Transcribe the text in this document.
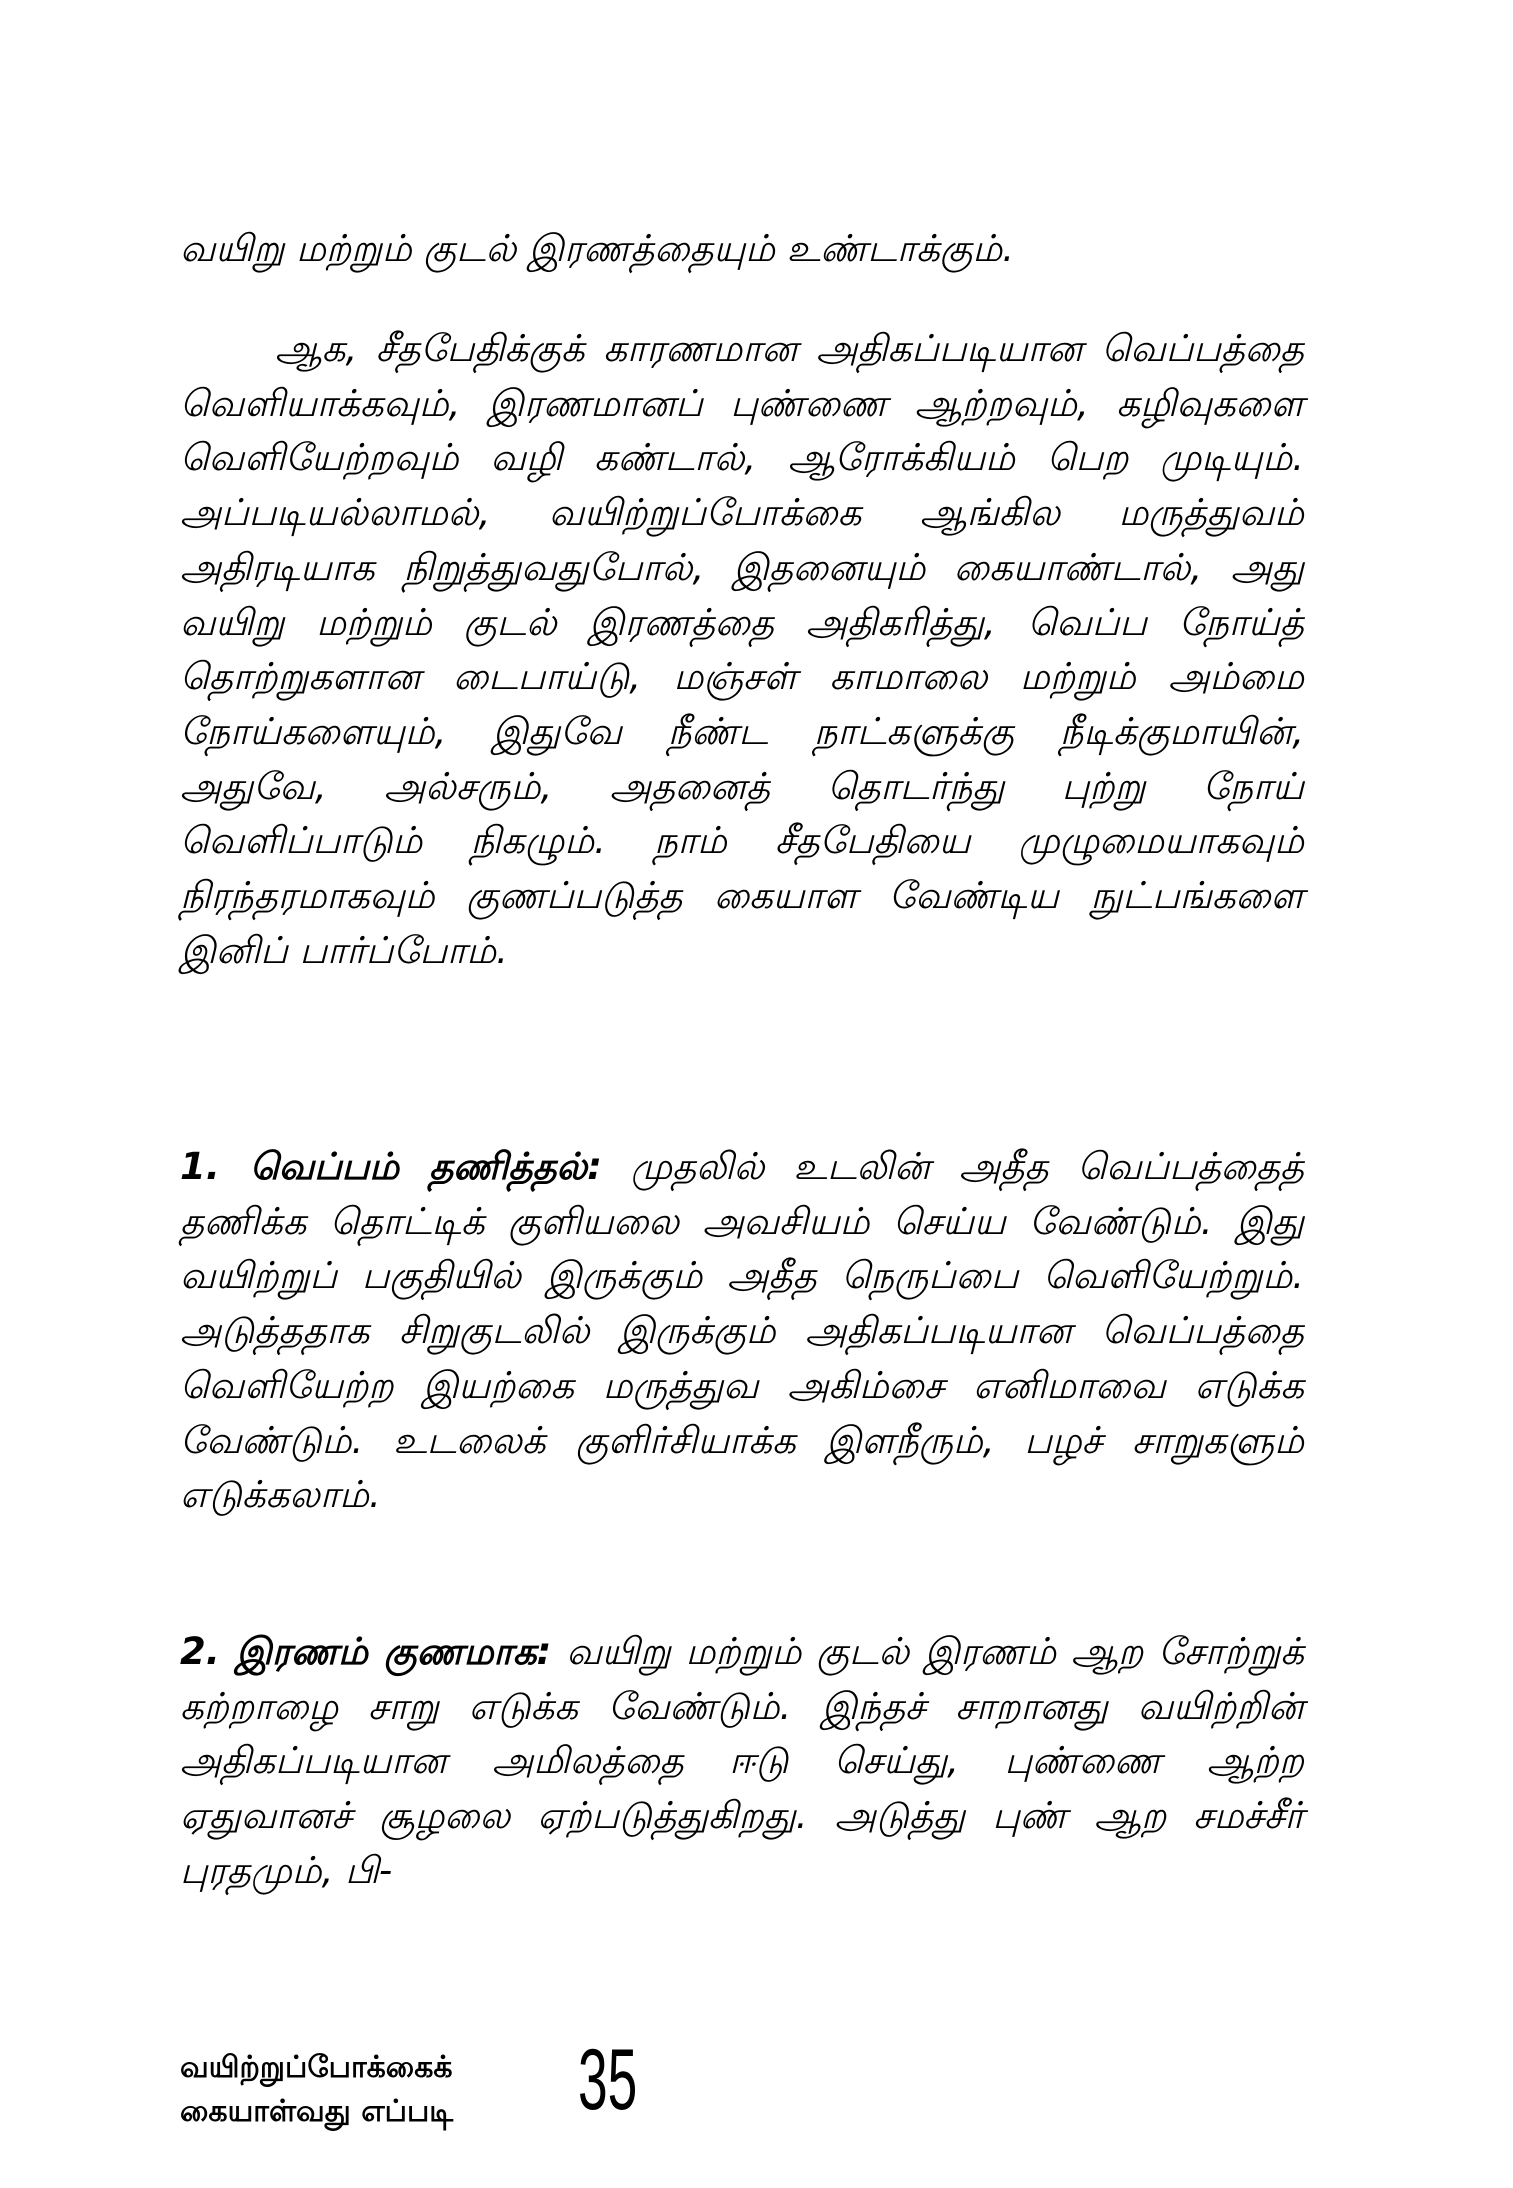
வயிறு மற்றும் குடல் இரணத்தையும் உண்டாக்கும்.

ஆக, சீதபேதிக்குக் காரணமான அதிகப்படியான வெப்பத்தை வெளியாக்கவும், இரணமானப் புண்ணை ஆற்றவும், கழிவுகளை வெளியேற்றவும் வழி கண்டால், ஆரோக்கியம் பெற முடியும். அப்படியல்லாமல், வயிற்றுப்போக்கை ஆங்கில மருத்துவம் அதிரடியாக நிறுத்துவதுபோல், இதனையும் கையாண்டால், அது வயிறு மற்றும் குடல் இரணத்தை அதிகரித்து, வெப்ப நோய்த் தொற்றுகளான டைபாய்டு, மஞ்சள் காமாலை மற்றும் அம்மை நோய்களையும், இதுவே நீண்ட நாட்களுக்கு நீடிக்குமாயின், அதுவே, அல்சரும், அதனைத் தொடர்ந்து புற்று நோய் வெளிப்பாடும் நிகழும். நாம் சீதபேதியை முழுமையாகவும் நிரந்தரமாகவும் குணப்படுத்த கையாள வேண்டிய நுட்பங்களை இனிப் பார்ப்போம்.

1. வெப்பம் தணித்தல்: முதலில் உடலின் அதீத வெப்பத்தைத் தணிக்க தொட்டிக் குளியலை அவசியம் செய்ய வேண்டும். இது வயிற்றுப் பகுதியில் இருக்கும் அதீத நெருப்பை வெளியேற்றும். அடுத்ததாக சிறுகுடலில் இருக்கும் அதிகப்படியான வெப்பத்தை வெளியேற்ற இயற்கை மருத்துவ அகிம்சை எனிமாவை எடுக்க வேண்டும். உடலைக் குளிர்சியாக்க இளநீரும், பழச் சாறுகளும் எடுக்கலாம்.

2. இரணம் குணமாக: வயிறு மற்றும் குடல் இரணம் ஆற சோற்றுக் கற்றாழை சாறு எடுக்க வேண்டும். இந்தச் சாறானது வயிற்றின் அதிகப்படியான அமிலத்தை ஈடு செய்து, புண்ணை ஆற்ற ஏதுவானச் சூழலை ஏற்படுத்துகிறது. அடுத்து புண் ஆற சமச்சீர் புரதமும், பி-

வயிற்றுப்போக்கைக்
கையாள்வது எப்படி 35
